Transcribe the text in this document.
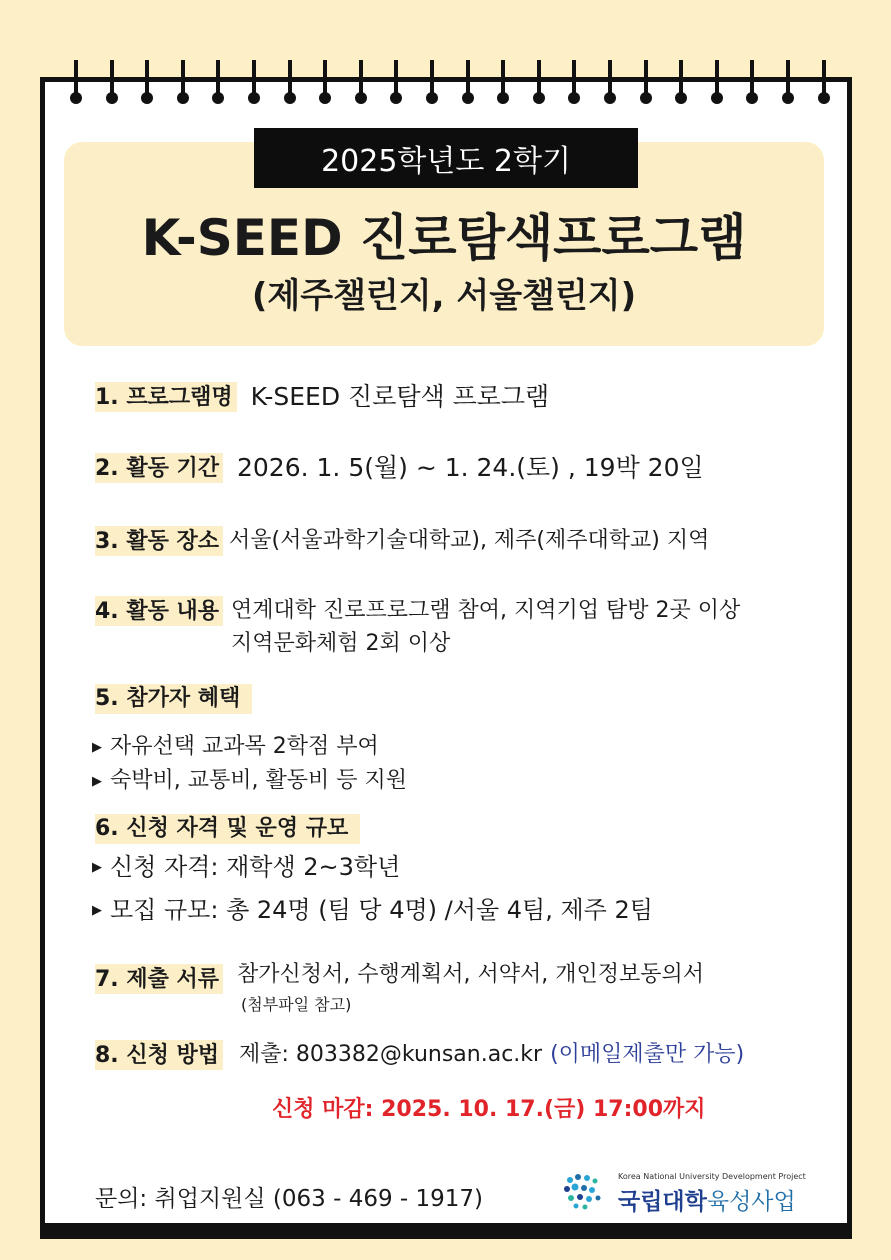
2025학년도 2학기
K-SEED 진로탐색프로그램
(제주챌린지, 서울챌린지)
1. 프로그램명 K-SEED 진로탐색 프로그램
2. 활동 기간 2026. 1. 5(월) ~ 1. 24.(토) , 19박 20일
3. 활동 장소 서울(서울과학기술대학교), 제주(제주대학교) 지역
4. 활동 내용 연계대학 진로프로그램 참여, 지역기업 탐방 2곳 이상
지역문화체험 2회 이상
5. 참가자 혜택
▶ 자유선택 교과목 2학점 부여
▶ 숙박비, 교통비, 활동비 등 지원
6. 신청 자격 및 운영 규모
▶ 신청 자격: 재학생 2~3학년
▶ 모집 규모: 총 24명 (팀 당 4명) /서울 4팀, 제주 2팀
7. 제출 서류 참가신청서, 수행계획서, 서약서, 개인정보동의서
(첨부파일 참고)
8. 신청 방법 제출: 803382@kunsan.ac.kr (이메일제출만 가능)
신청 마감: 2025. 10. 17.(금) 17:00까지
문의: 취업지원실 (063 - 469 - 1917)
Korea National University Development Project
국립대학육성사업
